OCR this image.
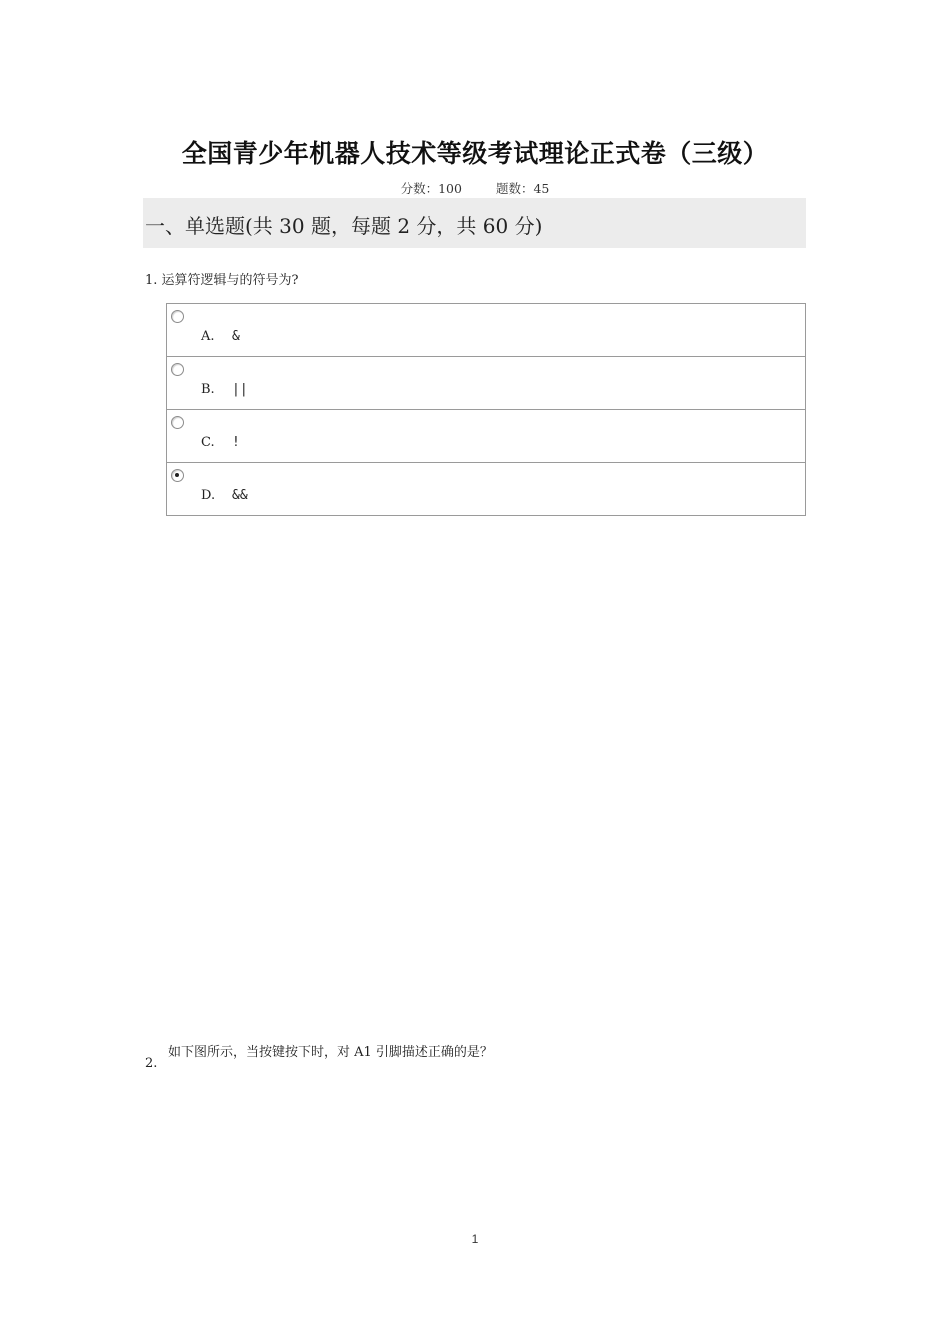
全国青少年机器人技术等级考试理论正式卷（三级）
分数：100	题数：45
一、单选题(共 30 题，每题 2 分，共 60 分)
1. 运算符逻辑与的符号为?
A. &
B. ||
C. !
D. &&
如下图所示，当按键按下时，对 A1 引脚描述正确的是？
2.
1
